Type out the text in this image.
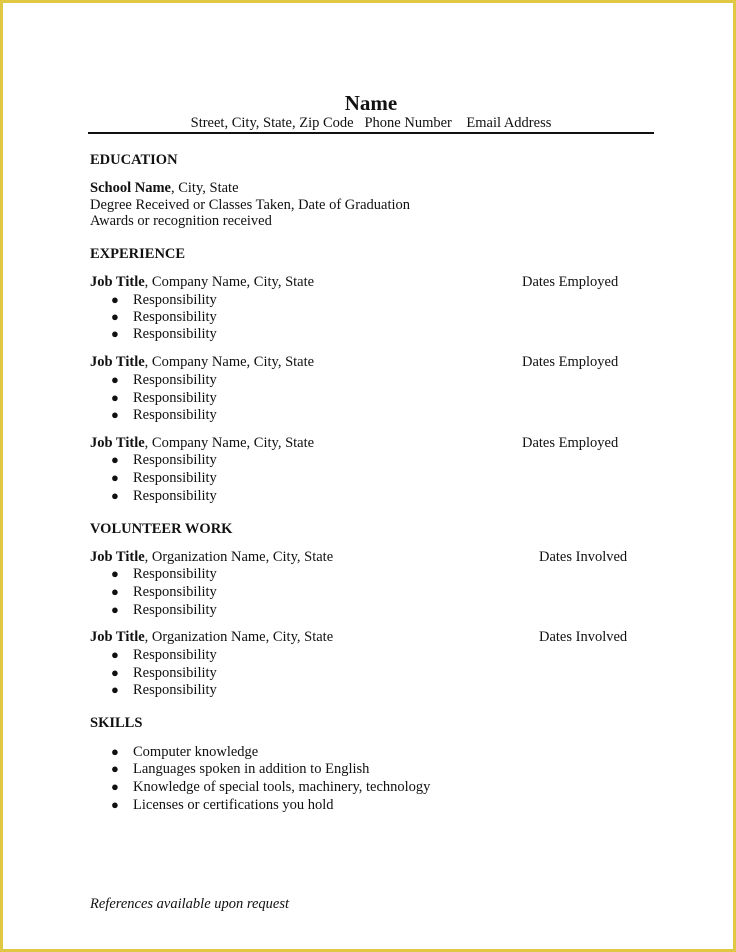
Name
Street, City, State, Zip Code   Phone Number    Email Address
EDUCATION
School Name, City, State
Degree Received or Classes Taken, Date of Graduation
Awards or recognition received
EXPERIENCE
Job Title, Company Name, City, State	Dates Employed
● Responsibility
● Responsibility
● Responsibility
Job Title, Company Name, City, State	Dates Employed
● Responsibility
● Responsibility
● Responsibility
Job Title, Company Name, City, State	Dates Employed
● Responsibility
● Responsibility
● Responsibility
VOLUNTEER WORK
Job Title, Organization Name, City, State	Dates Involved
● Responsibility
● Responsibility
● Responsibility
Job Title, Organization Name, City, State	Dates Involved
● Responsibility
● Responsibility
● Responsibility
SKILLS
● Computer knowledge
● Languages spoken in addition to English
● Knowledge of special tools, machinery, technology
● Licenses or certifications you hold
References available upon request
